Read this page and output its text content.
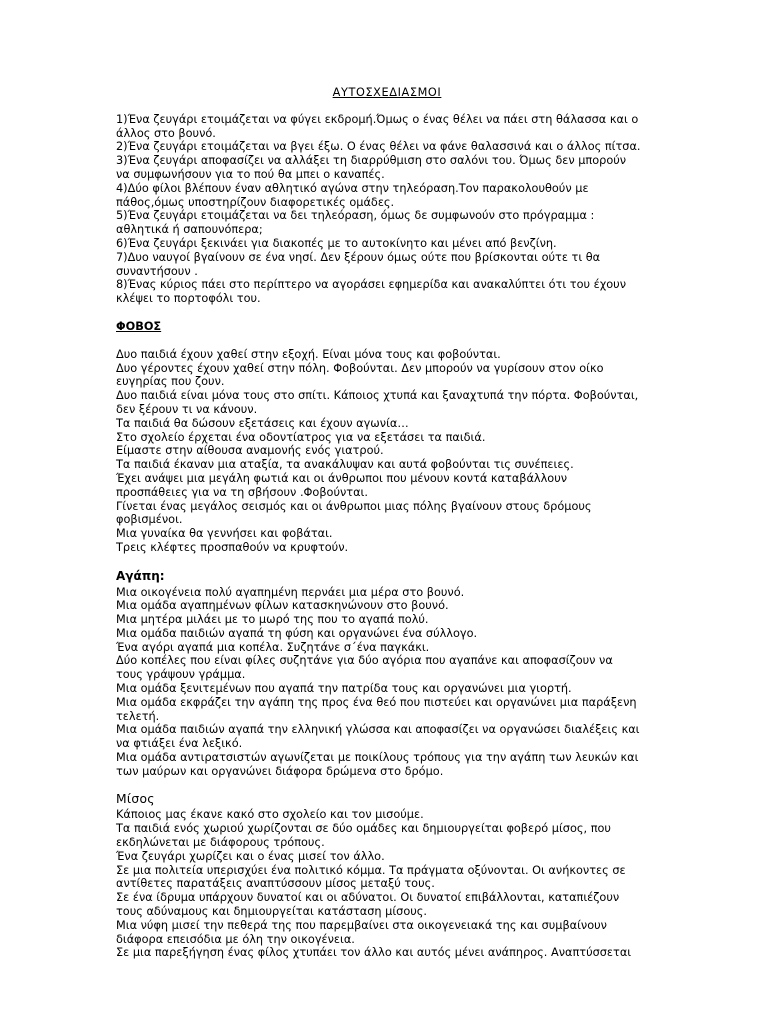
ΑΥΤΟΣΧΕΔΙΑΣΜΟΙ
1)Ένα ζευγάρι ετοιμάζεται να φύγει εκδρομή.Όμως ο ένας θέλει να πάει στη θάλασσα και ο
άλλος στο βουνό.
2)Ένα ζευγάρι ετοιμάζεται να βγει έξω. Ο ένας θέλει να φάνε θαλασσινά και ο άλλος πίτσα.
3)Ένα ζευγάρι αποφασίζει να αλλάξει τη διαρρύθμιση στο σαλόνι του. Όμως δεν μπορούν
να συμφωνήσουν για το πού θα μπει ο καναπές.
4)Δύο φίλοι βλέπουν έναν αθλητικό αγώνα στην τηλεόραση.Τον παρακολουθούν με
πάθος,όμως υποστηρίζουν διαφορετικές ομάδες.
5)Ένα ζευγάρι ετοιμάζεται να δει τηλεόραση, όμως δε συμφωνούν στο πρόγραμμα :
αθλητικά ή σαπουνόπερα;
6)Ένα ζευγάρι ξεκινάει για διακοπές με το αυτοκίνητο και μένει από βενζίνη.
7)Δυο ναυγοί βγαίνουν σε ένα νησί. Δεν ξέρουν όμως ούτε που βρίσκονται ούτε τι θα
συναντήσουν .
8)Ένας κύριος πάει στο περίπτερο να αγοράσει εφημερίδα και ανακαλύπτει ότι του έχουν
κλέψει το πορτοφόλι του.
ΦΟΒΟΣ
Δυο παιδιά έχουν χαθεί στην εξοχή. Είναι μόνα τους και φοβούνται.
Δυο γέροντες έχουν χαθεί στην πόλη. Φοβούνται. Δεν μπορούν να γυρίσουν στον οίκο
ευγηρίας που ζουν.
Δυο παιδιά είναι μόνα τους στο σπίτι. Κάποιος χτυπά και ξαναχτυπά την πόρτα. Φοβούνται,
δεν ξέρουν τι να κάνουν.
Τα παιδιά θα δώσουν εξετάσεις και έχουν αγωνία…
Στο σχολείο έρχεται ένα οδοντίατρος για να εξετάσει τα παιδιά.
Είμαστε στην αίθουσα αναμονής ενός γιατρού.
Τα παιδιά έκαναν μια αταξία, τα ανακάλυψαν και αυτά φοβούνται τις συνέπειες.
Έχει ανάψει μια μεγάλη φωτιά και οι άνθρωποι που μένουν κοντά καταβάλλουν
προσπάθειες για να τη σβήσουν .Φοβούνται.
Γίνεται ένας μεγάλος σεισμός και οι άνθρωποι μιας πόλης βγαίνουν στους δρόμους
φοβισμένοι.
Μια γυναίκα θα γεννήσει και φοβάται.
Τρεις κλέφτες προσπαθούν να κρυφτούν.
Αγάπη:
Μια οικογένεια πολύ αγαπημένη περνάει μια μέρα στο βουνό.
Μια ομάδα αγαπημένων φίλων κατασκηνώνουν στο βουνό.
Μια μητέρα μιλάει με το μωρό της που το αγαπά πολύ.
Μια ομάδα παιδιών αγαπά τη φύση και οργανώνει ένα σύλλογο.
Ένα αγόρι αγαπά μια κοπέλα. Συζητάνε σ΄ένα παγκάκι.
Δύο κοπέλες που είναι φίλες συζητάνε για δύο αγόρια που αγαπάνε και αποφασίζουν να
τους γράψουν γράμμα.
Μια ομάδα ξενιτεμένων που αγαπά την πατρίδα τους και οργανώνει μια γιορτή.
Μια ομάδα εκφράζει την αγάπη της προς ένα θεό που πιστεύει και οργανώνει μια παράξενη
τελετή.
Μια ομάδα παιδιών αγαπά την ελληνική γλώσσα και αποφασίζει να οργανώσει διαλέξεις και
να φτιάξει ένα λεξικό.
Μια ομάδα αντιρατσιστών αγωνίζεται με ποικίλους τρόπους για την αγάπη των λευκών και
των μαύρων και οργανώνει διάφορα δρώμενα στο δρόμο.
Μίσος
Κάποιος μας έκανε κακό στο σχολείο και τον μισούμε.
Τα παιδιά ενός χωριού χωρίζονται σε δύο ομάδες και δημιουργείται φοβερό μίσος, που
εκδηλώνεται με διάφορους τρόπους.
Ένα ζευγάρι χωρίζει και ο ένας μισεί τον άλλο.
Σε μια πολιτεία υπερισχύει ένα πολιτικό κόμμα. Τα πράγματα οξύνονται. Οι ανήκοντες σε
αντίθετες παρατάξεις αναπτύσσουν μίσος μεταξύ τους.
Σε ένα ίδρυμα υπάρχουν δυνατοί και οι αδύνατοι. Οι δυνατοί επιβάλλονται, καταπιέζουν
τους αδύναμους και δημιουργείται κατάσταση μίσους.
Μια νύφη μισεί την πεθερά της που παρεμβαίνει στα οικογενειακά της και συμβαίνουν
διάφορα επεισόδια με όλη την οικογένεια.
Σε μια παρεξήγηση ένας φίλος χτυπάει τον άλλο και αυτός μένει ανάπηρος. Αναπτύσσεται
